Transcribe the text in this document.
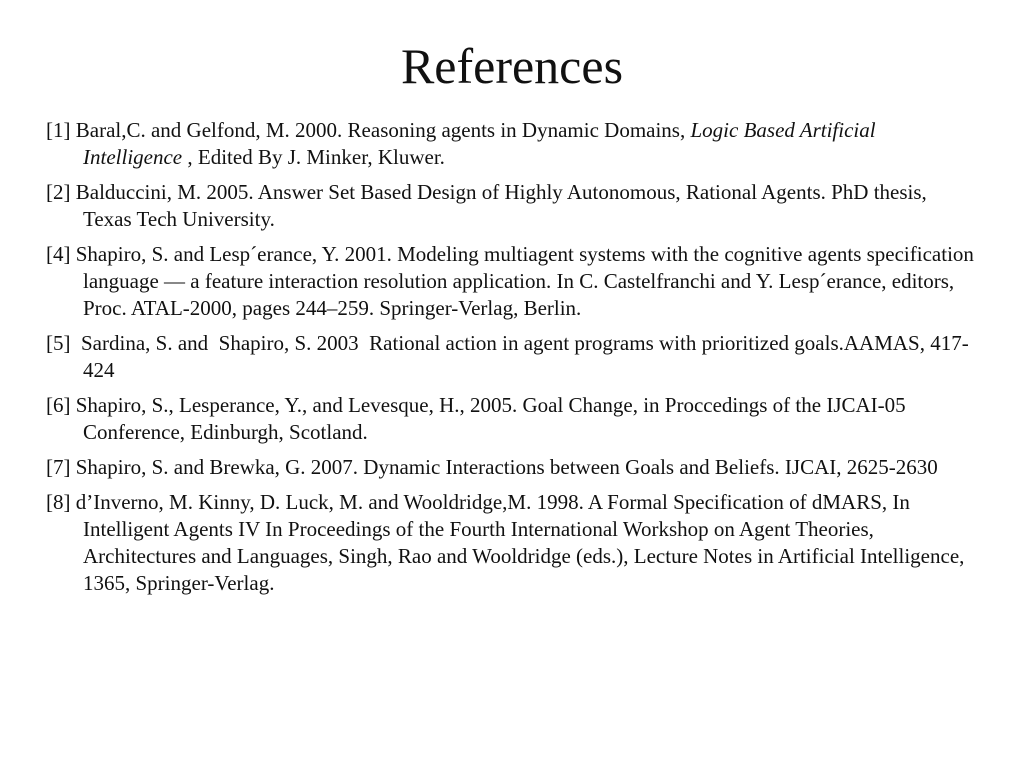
References
[1] Baral,C. and Gelfond, M. 2000. Reasoning agents in Dynamic Domains, Logic Based Artificial Intelligence , Edited By J. Minker, Kluwer.
[2] Balduccini, M. 2005. Answer Set Based Design of Highly Autonomous, Rational Agents. PhD thesis, Texas Tech University.
[4] Shapiro, S. and Lesp´erance, Y. 2001. Modeling multiagent systems with the cognitive agents specification language — a feature interaction resolution application. In C. Castelfranchi and Y. Lesp´erance, editors, Proc. ATAL-2000, pages 244–259. Springer-Verlag, Berlin.
[5]  Sardina, S. and  Shapiro, S. 2003  Rational action in agent programs with prioritized goals.AAMAS, 417-424
[6] Shapiro, S., Lesperance, Y., and Levesque, H., 2005. Goal Change, in Proccedings of the IJCAI-05 Conference, Edinburgh, Scotland.
[7] Shapiro, S. and Brewka, G. 2007. Dynamic Interactions between Goals and Beliefs. IJCAI, 2625-2630
[8] d’Inverno, M. Kinny, D. Luck, M. and Wooldridge,M. 1998. A Formal Specification of dMARS, In Intelligent Agents IV In Proceedings of the Fourth International Workshop on Agent Theories, Architectures and Languages, Singh, Rao and Wooldridge (eds.), Lecture Notes in Artificial Intelligence, 1365, Springer-Verlag.
